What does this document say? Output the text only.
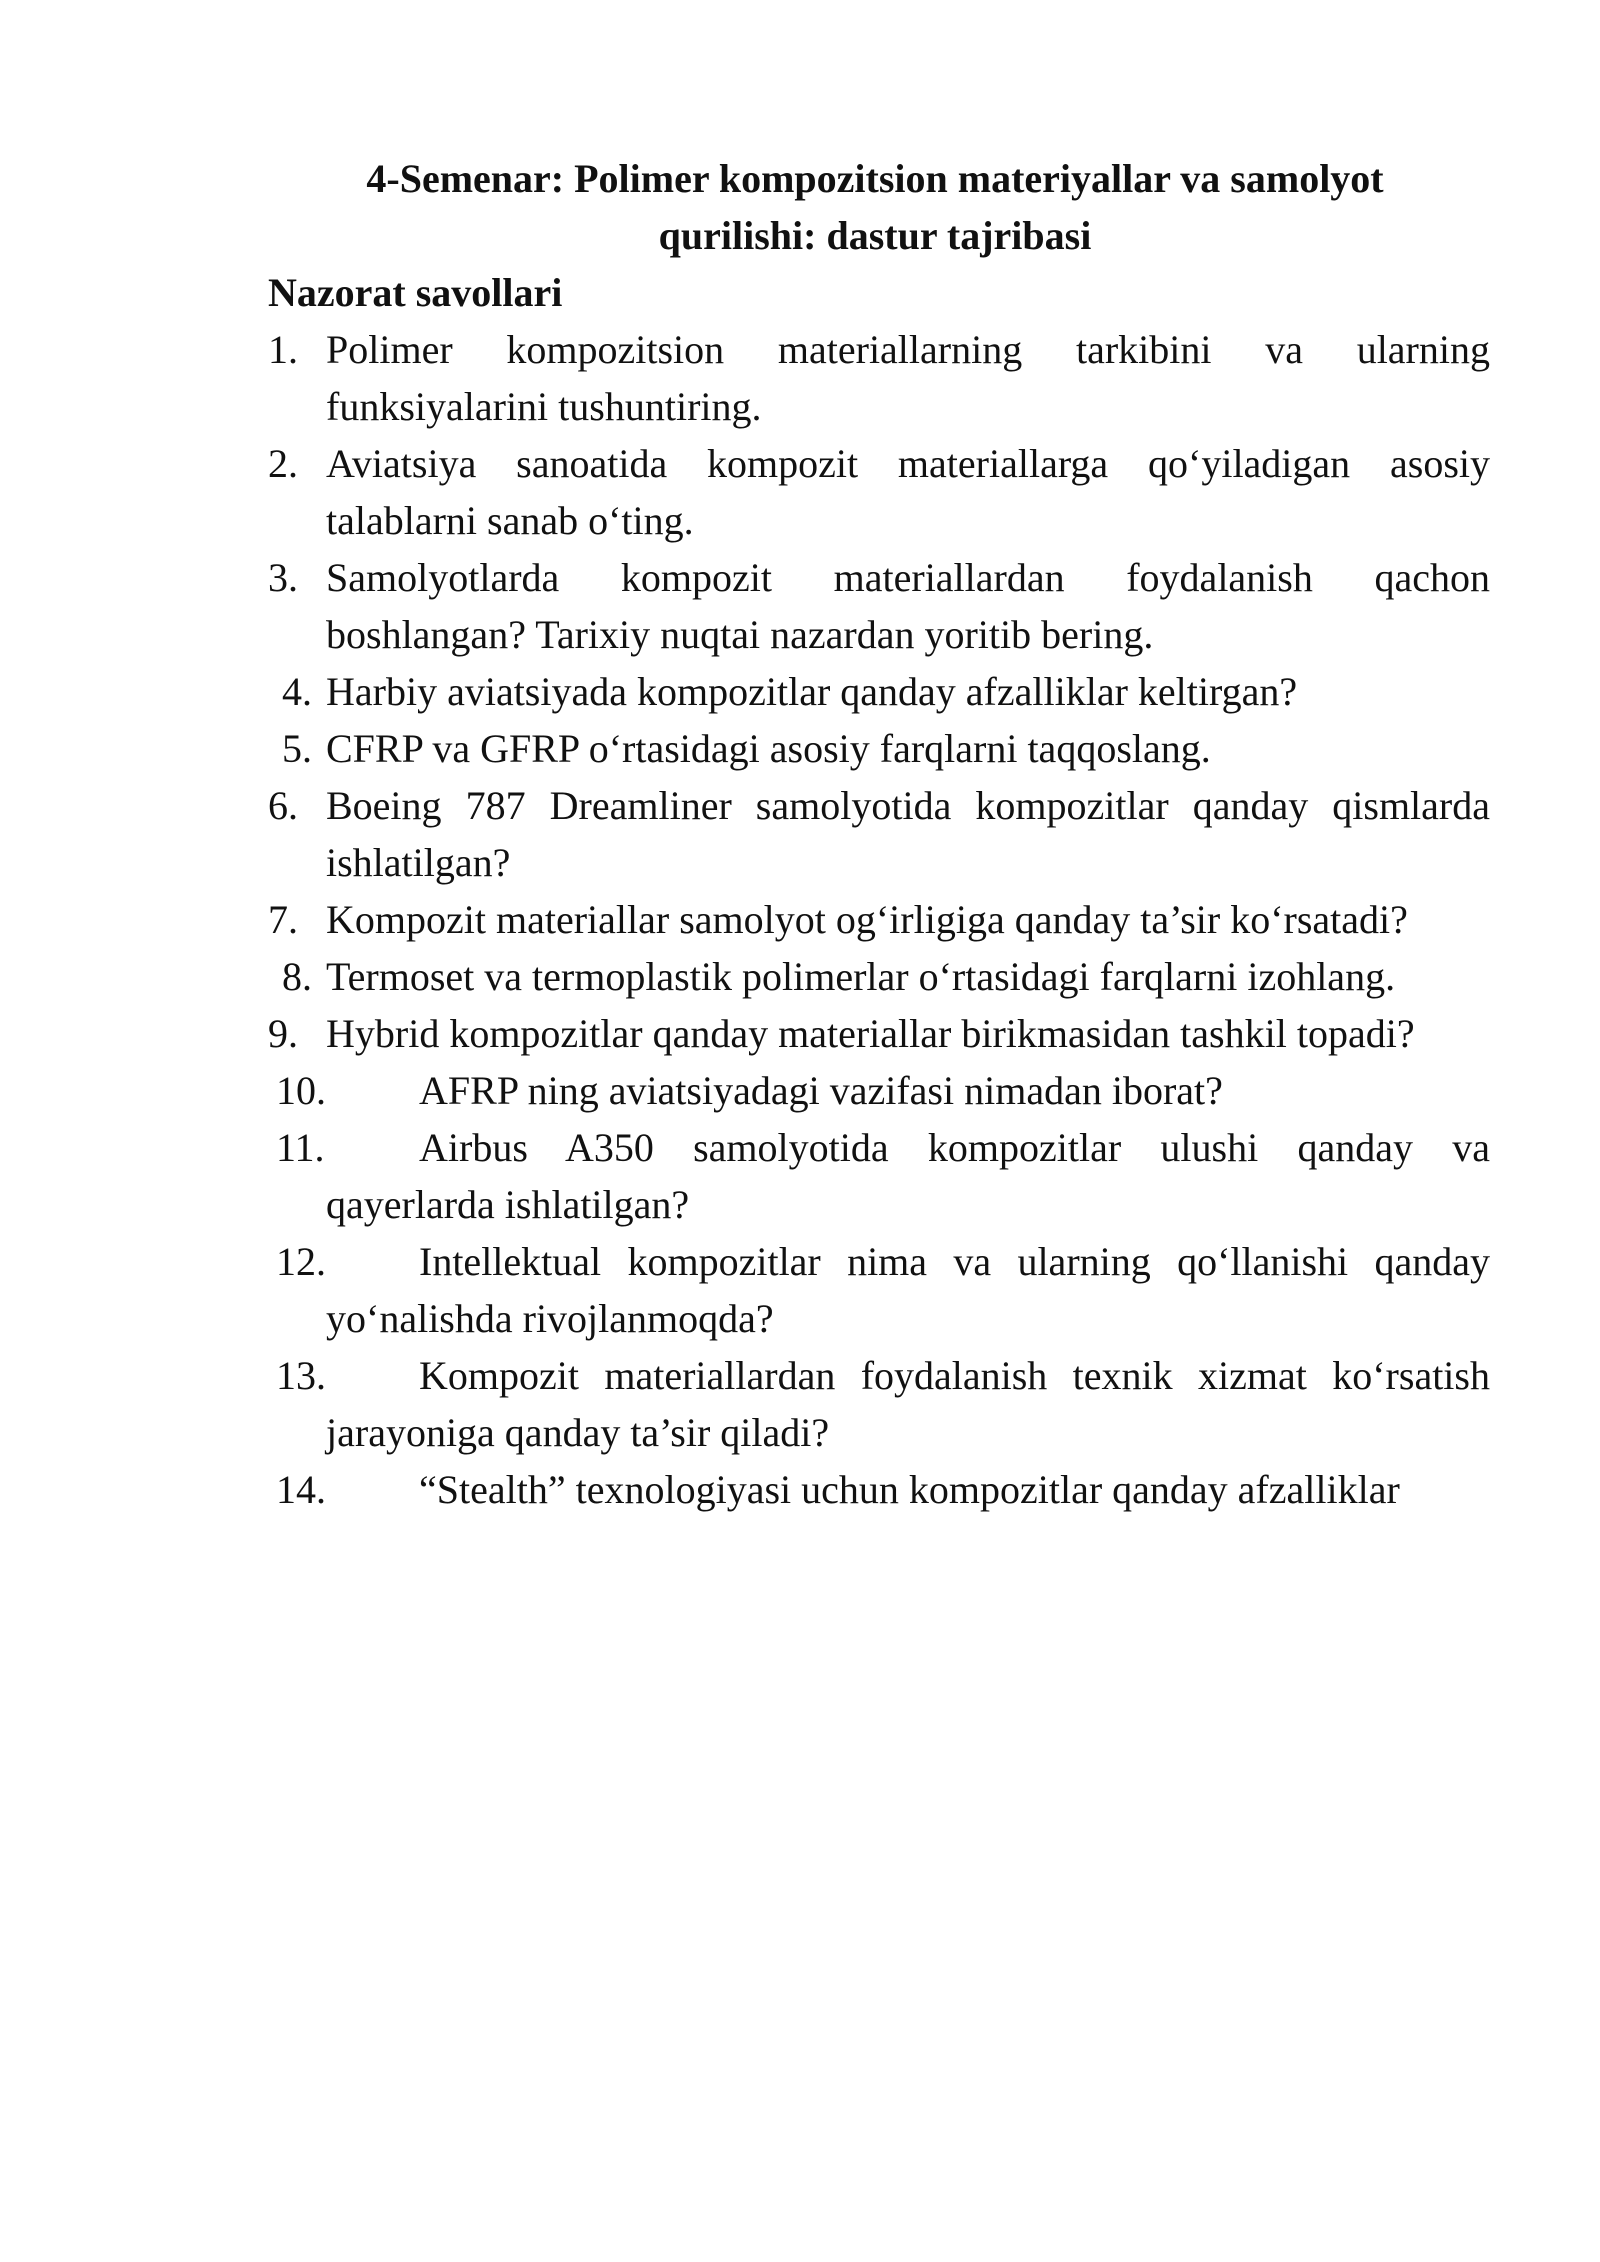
4-Semenar: Polimer kompozitsion materiyallar va samolyot
qurilishi: dastur tajribasi
Nazorat savollari
1. Polimer kompozitsion materiallarning tarkibini va ularning funksiyalarini tushuntiring.
2. Aviatsiya sanoatida kompozit materiallarga qo‘yiladigan asosiy talablarni sanab o‘ting.
3. Samolyotlarda kompozit materiallardan foydalanish qachon boshlangan? Tarixiy nuqtai nazardan yoritib bering.
4. Harbiy aviatsiyada kompozitlar qanday afzalliklar keltirgan?
5. CFRP va GFRP o‘rtasidagi asosiy farqlarni taqqoslang.
6. Boeing 787 Dreamliner samolyotida kompozitlar qanday qismlarda ishlatilgan?
7. Kompozit materiallar samolyot og‘irligiga qanday ta’sir ko‘rsatadi?
8. Termoset va termoplastik polimerlar o‘rtasidagi farqlarni izohlang.
9. Hybrid kompozitlar qanday materiallar birikmasidan tashkil topadi?
10. AFRP ning aviatsiyadagi vazifasi nimadan iborat?
11. Airbus A350 samolyotida kompozitlar ulushi qanday va qayerlarda ishlatilgan?
12. Intellektual kompozitlar nima va ularning qo‘llanishi qanday yo‘nalishda rivojlanmoqda?
13. Kompozit materiallardan foydalanish texnik xizmat ko‘rsatish jarayoniga qanday ta’sir qiladi?
14. “Stealth” texnologiyasi uchun kompozitlar qanday afzalliklar
